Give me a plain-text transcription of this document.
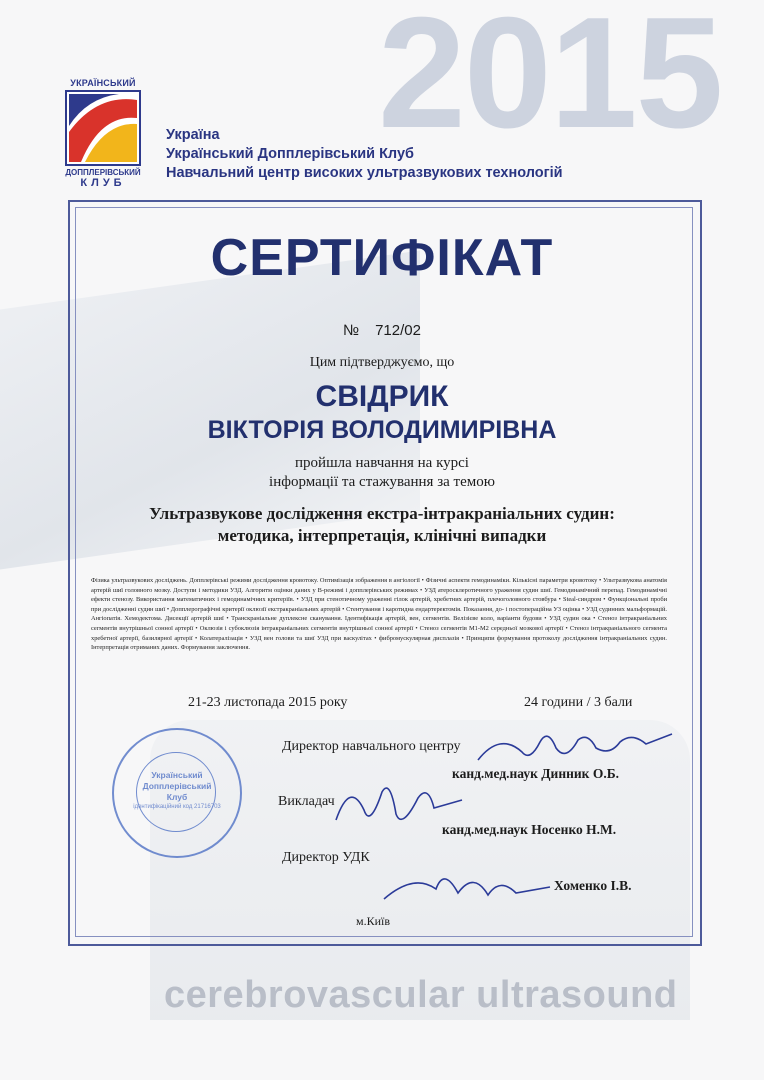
2015
УКРАЇНСЬКИЙ
ДОППЛЕРІВСЬКИЙ
КЛУБ
Україна
Український Допплерівський Клуб
Навчальний центр високих ультразвукових технологій
СЕРТИФІКАТ
№ 712/02
Цим підтверджуємо, що
СВІДРИК
ВІКТОРІЯ ВОЛОДИМИРІВНА
пройшла навчання на курсі
інформації та стажування за темою
Ультразвукове дослідження екстра-інтракраніальних судин:
методика, інтерпретація, клінічні випадки
Фізика ультразвукових досліджень. Допплерівські режими дослідження кровотоку. Оптимізація зображення в ангіології • Фізичні аспекти гемодинаміки. Кількісні параметри кровотоку • Ультразвукова анатомія артерій шиї головного мозку. Доступи і методики УЗД. Алгоритм оцінки даних у В-режимі і допплерівських режимах • УЗД атеросклеротичного ураження судин шиї. Гемодинамічний перепад. Гемодинамічні ефекти стенозу. Використання математичних і гемодинамічних критеріїв. • УЗД при стенотичному ураженні гілок артерій, хребетних артерій, плечоголовного стовбура • Steal-синдром • Функціональні проби при дослідженні судин шиї • Допплерографічні критерії оклюзії екстракраніальних артерій • Стентування і каротидна ендартеректомія. Показання, до- і постопераційна УЗ оцінка • УЗД судинних мальформацій. Ангіопатія. Хемодектома. Дисекції артерій шиї • Транскраніальне дуплексне сканування. Ідентифікація артерій, вен, сегментів. Велізієве коло, варіанти будови • УЗД судин ока • Стеноз інтракраніальних сегментів внутрішньої сонної артерії • Оклюзія і субоклюзія інтракраніальних сегментів внутрішньої сонної артерії • Стеноз сегментів М1-М2 середньої мозкової артерії • Стеноз інтракраніального сегмента хребетної артерії, базилярної артерії • Колатералізація • УЗД вен голови та шиї УЗД при васкулітах • фибромускулярная дисплазія • Принципи формування протоколу дослідження інтракраніальних судин. Інтерпретація отриманих даних. Формування заключення.
21-23 листопада 2015 року	24 години / 3 бали
Український
Допплерівський
Клуб
ідентифікаційний код 21716703
Директор навчального центру
канд.мед.наук Динник О.Б.
Викладач
канд.мед.наук Носенко Н.М.
Директор УДК
Хоменко І.В.
м.Київ
cerebrovascular ultrasound
